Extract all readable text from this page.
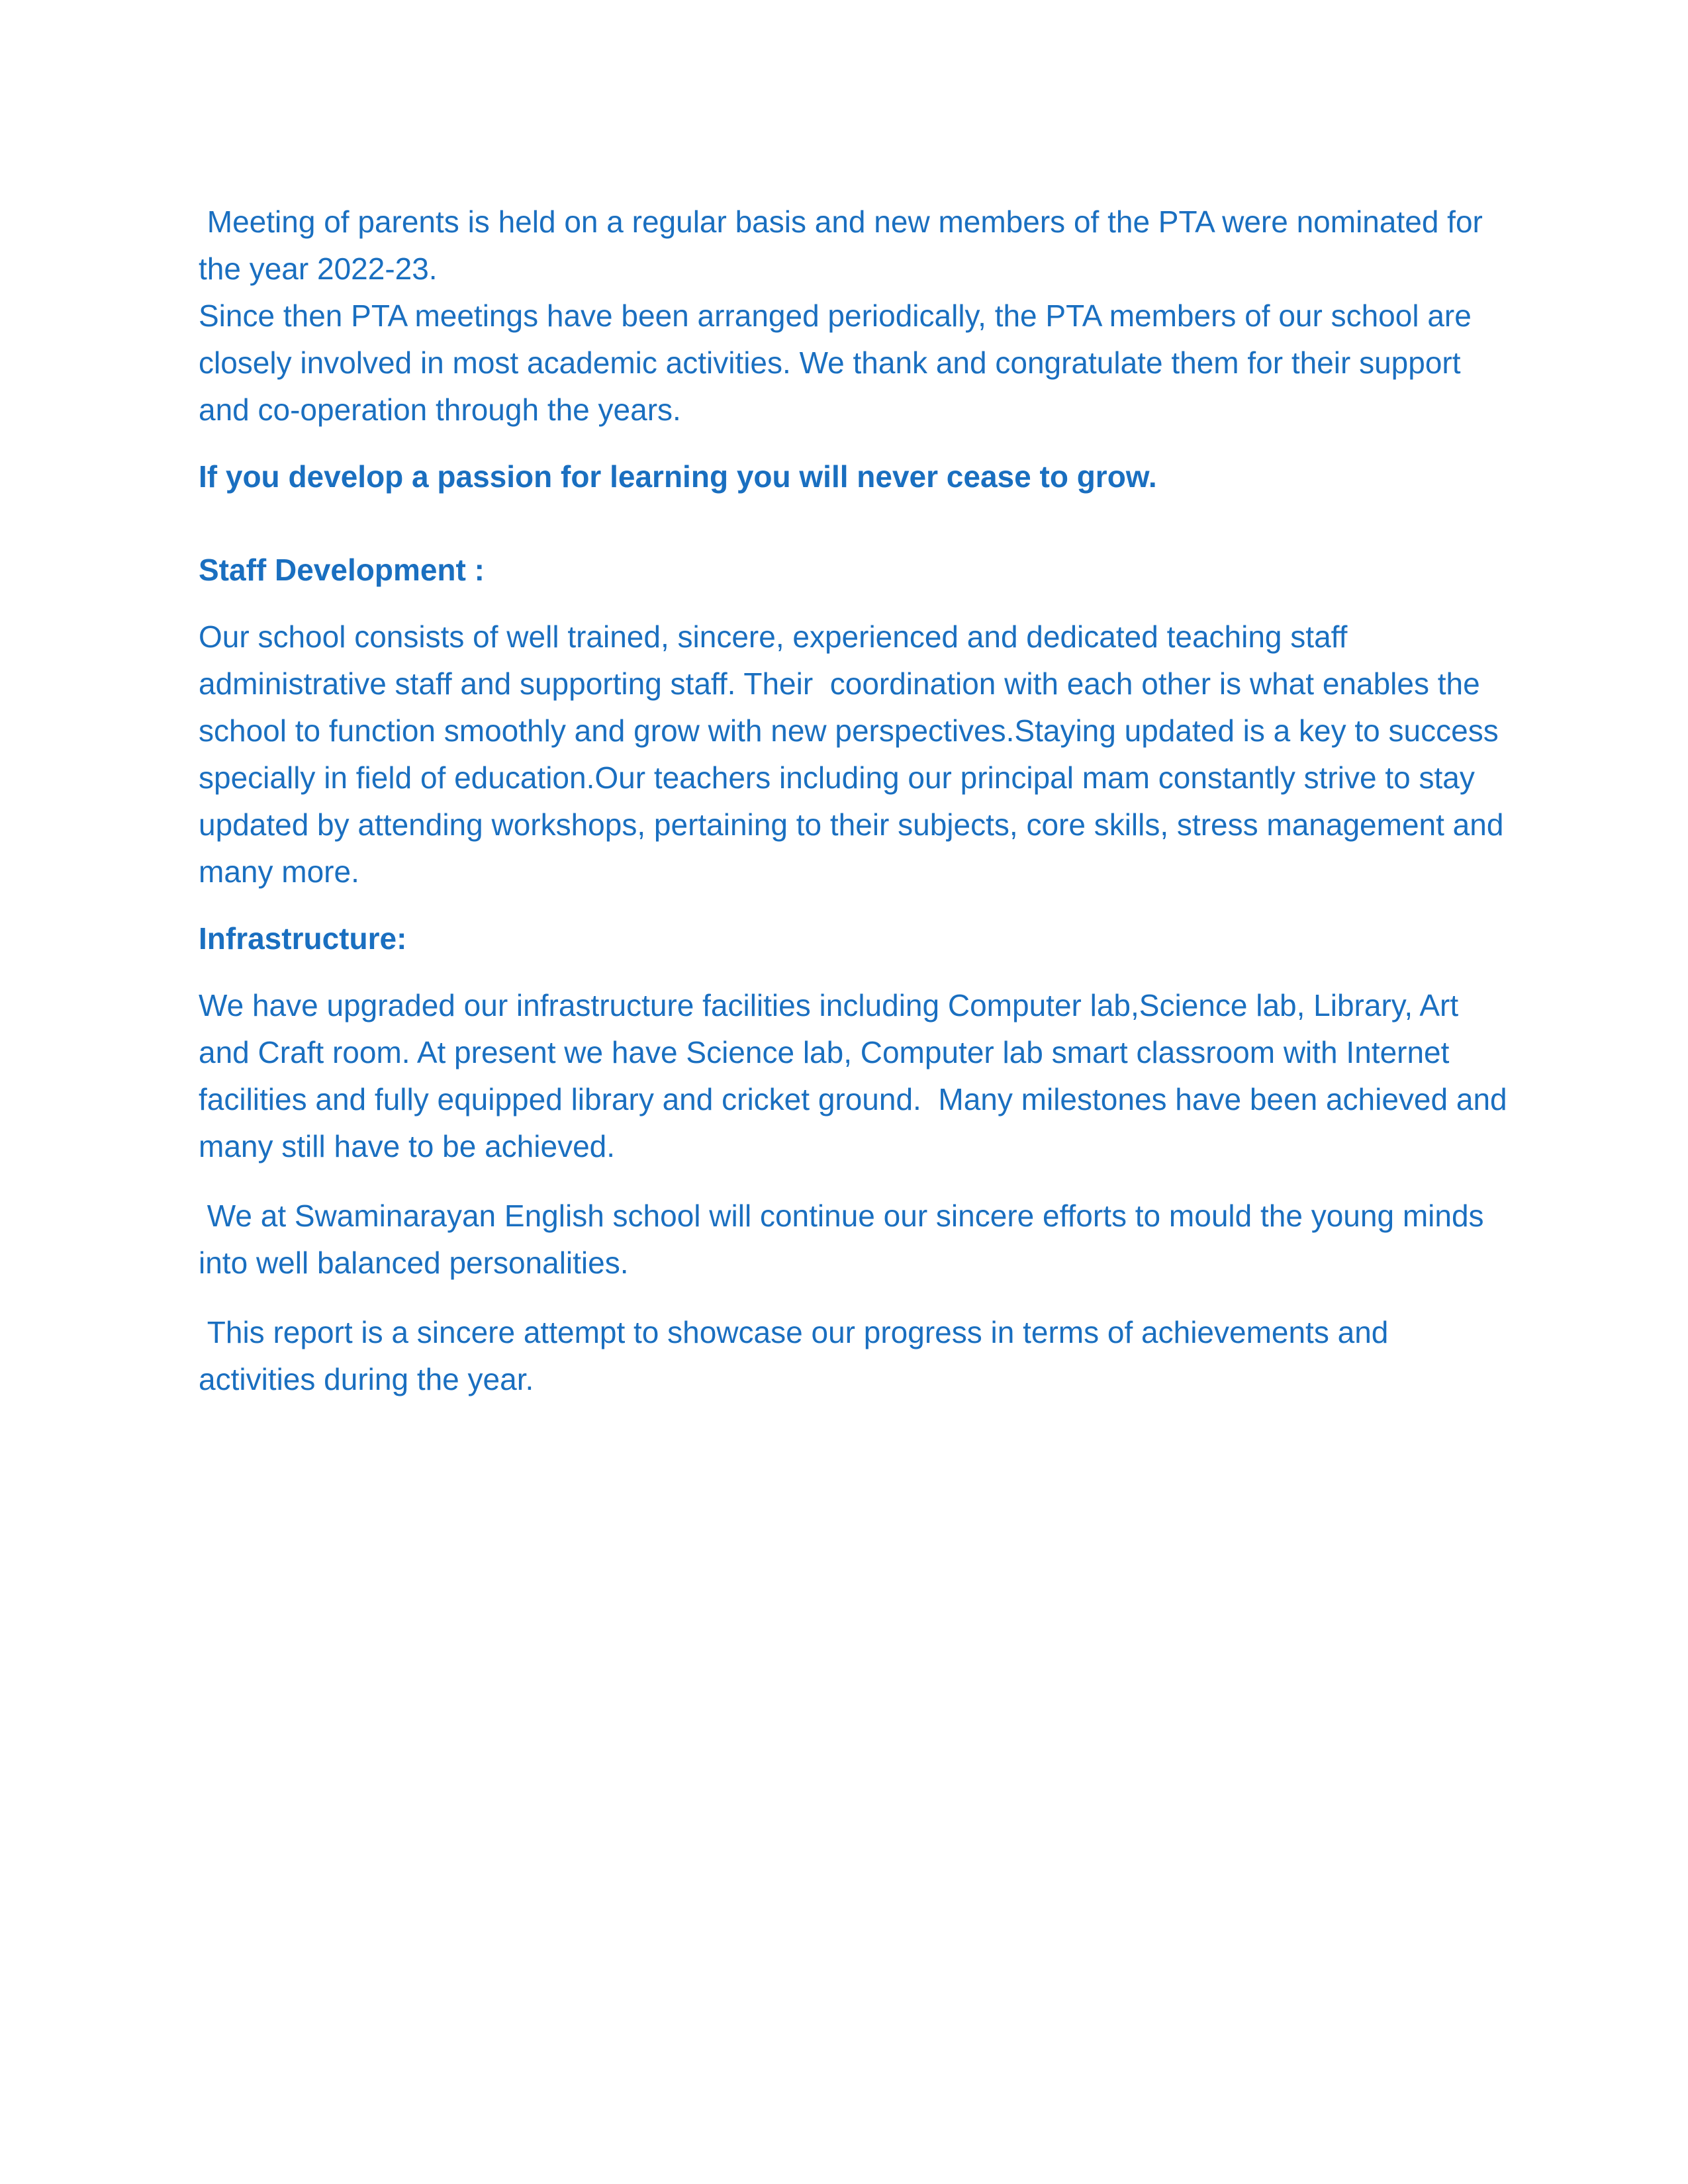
Meeting of parents is held on a regular basis and new members of the PTA were nominated for the year 2022-23.

Since then PTA meetings have been arranged periodically, the PTA members of our school are closely involved in most academic activities. We thank and congratulate them for their support and co-operation through the years.

If you develop a passion for learning you will never cease to grow.

Staff Development :

Our school consists of well trained, sincere, experienced and dedicated teaching staff administrative staff and supporting staff. Their  coordination with each other is what enables the school to function smoothly and grow with new perspectives.Staying updated is a key to success specially in field of education.Our teachers including our principal mam constantly strive to stay updated by attending workshops, pertaining to their subjects, core skills, stress management and many more.

Infrastructure:

We have upgraded our infrastructure facilities including Computer lab,Science lab, Library, Art and Craft room. At present we have Science lab, Computer lab smart classroom with Internet  facilities and fully equipped library and cricket ground.  Many milestones have been achieved and many still have to be achieved.

We at Swaminarayan English school will continue our sincere efforts to mould the young minds into well balanced personalities.

This report is a sincere attempt to showcase our progress in terms of achievements and activities during the year.
